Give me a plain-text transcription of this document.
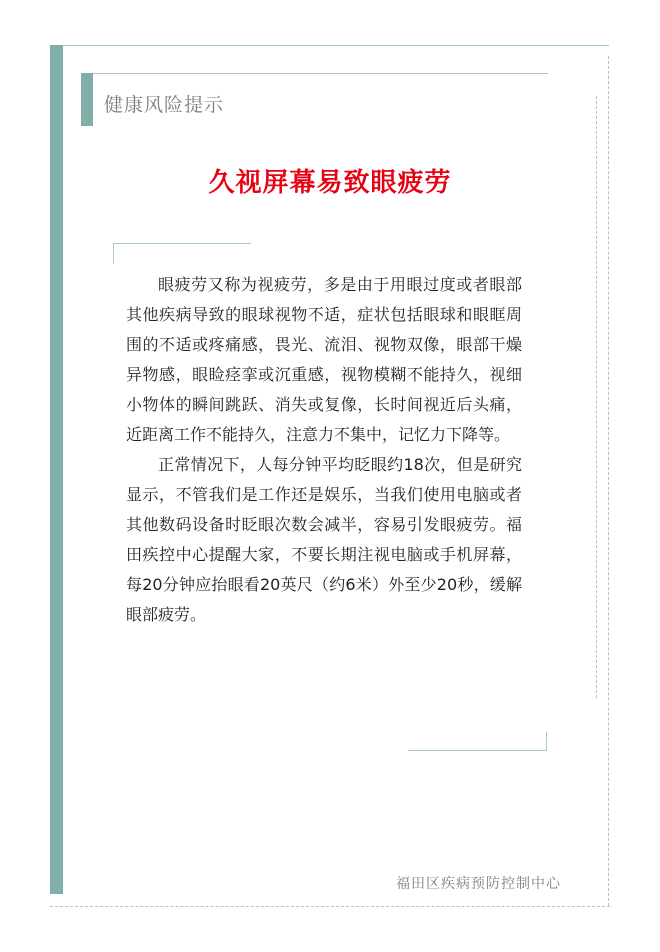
健康风险提示
久视屏幕易致眼疲劳

眼疲劳又称为视疲劳，多是由于用眼过度或者眼部其他疾病导致的眼球视物不适，症状包括眼球和眼眶周围的不适或疼痛感，畏光、流泪、视物双像，眼部干燥异物感，眼睑痉挛或沉重感，视物模糊不能持久，视细小物体的瞬间跳跃、消失或复像，长时间视近后头痛，近距离工作不能持久，注意力不集中，记忆力下降等。

正常情况下，人每分钟平均眨眼约18次，但是研究显示，不管我们是工作还是娱乐，当我们使用电脑或者其他数码设备时眨眼次数会减半，容易引发眼疲劳。福田疾控中心提醒大家，不要长期注视电脑或手机屏幕，每20分钟应抬眼看20英尺（约6米）外至少20秒，缓解眼部疲劳。

福田区疾病预防控制中心
